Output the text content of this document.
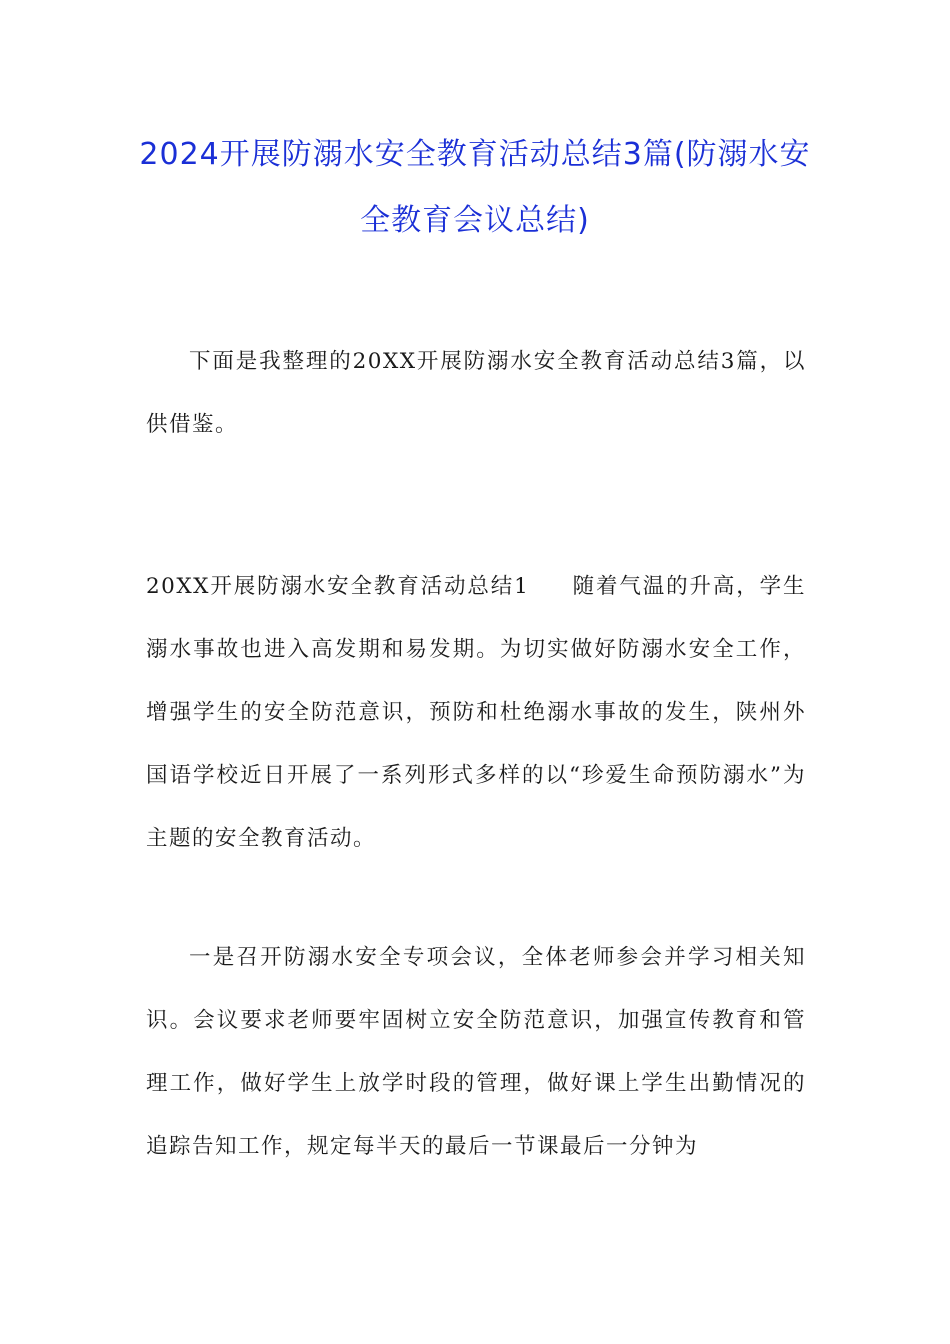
2024开展防溺水安全教育活动总结3篇(防溺水安全教育会议总结)

下面是我整理的20XX开展防溺水安全教育活动总结3篇，以供借鉴。

20XX开展防溺水安全教育活动总结1 随着气温的升高，学生溺水事故也进入高发期和易发期。为切实做好防溺水安全工作，增强学生的安全防范意识，预防和杜绝溺水事故的发生，陕州外国语学校近日开展了一系列形式多样的以“珍爱生命预防溺水”为主题的安全教育活动。

一是召开防溺水安全专项会议，全体老师参会并学习相关知识。会议要求老师要牢固树立安全防范意识，加强宣传教育和管理工作，做好学生上放学时段的管理，做好课上学生出勤情况的追踪告知工作，规定每半天的最后一节课最后一分钟为
